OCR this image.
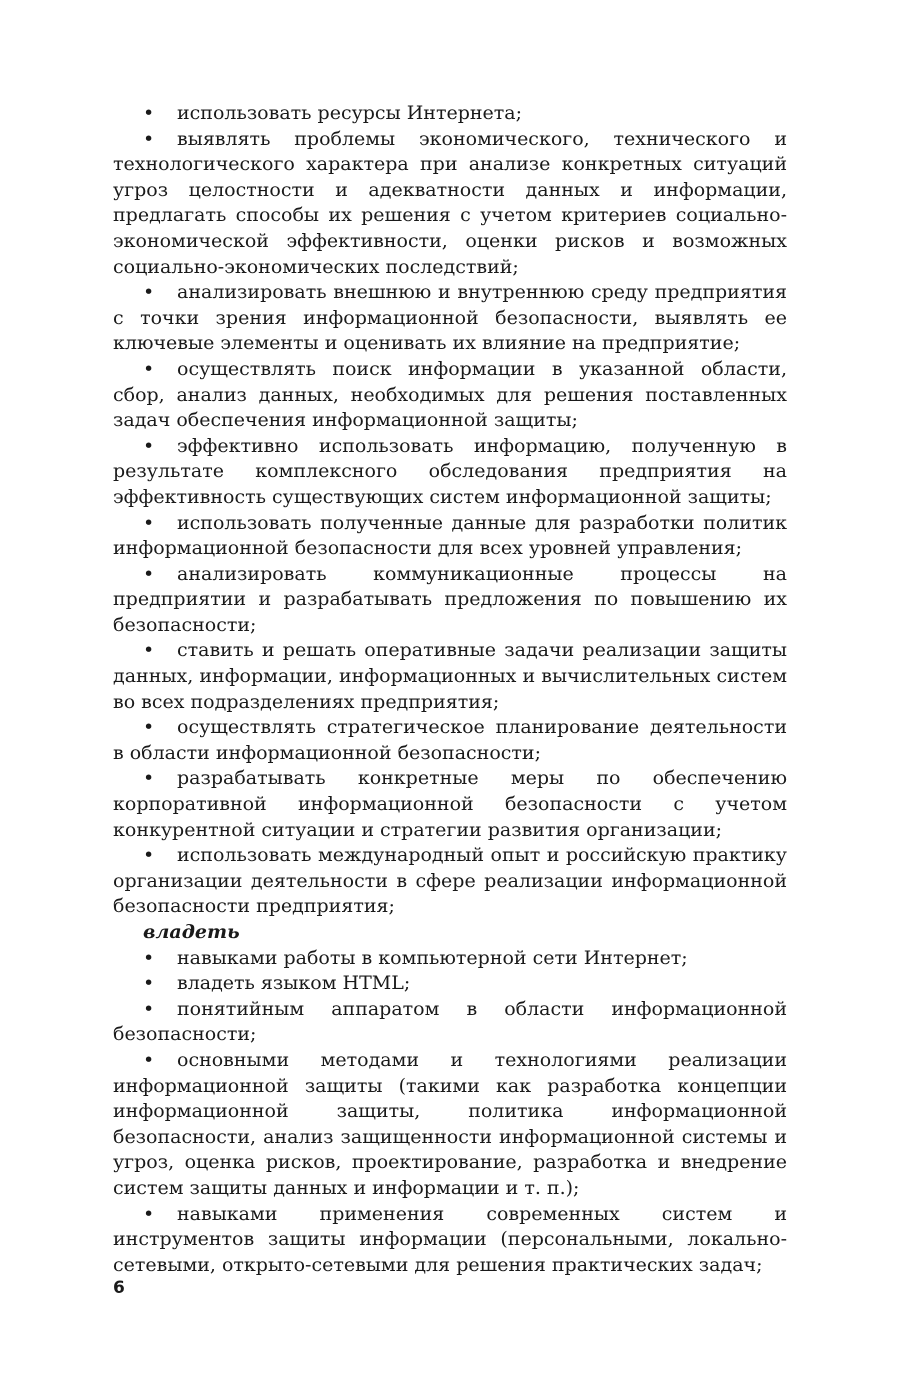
• использовать ресурсы Интернета;

• выявлять проблемы экономического, технического и технологического характера при анализе конкретных ситуаций угроз целостности и адекватности данных и информации, предлагать способы их решения с учетом критериев социально-экономической эффективности, оценки рисков и возможных социально-экономических последствий;

• анализировать внешнюю и внутреннюю среду предприятия с точки зрения информационной безопасности, выявлять ее ключевые элементы и оценивать их влияние на предприятие;

• осуществлять поиск информации в указанной области, сбор, анализ данных, необходимых для решения поставленных задач обеспечения информационной защиты;

• эффективно использовать информацию, полученную в результате комплексного обследования предприятия на эффективность существующих систем информационной защиты;

• использовать полученные данные для разработки политик информационной безопасности для всех уровней управления;

• анализировать коммуникационные процессы на предприятии и разрабатывать предложения по повышению их безопасности;

• ставить и решать оперативные задачи реализации защиты данных, информации, информационных и вычислительных систем во всех подразделениях предприятия;

• осуществлять стратегическое планирование деятельности в области информационной безопасности;

• разрабатывать конкретные меры по обеспечению корпоративной информационной безопасности с учетом конкурентной ситуации и стратегии развития организации;

• использовать международный опыт и российскую практику организации деятельности в сфере реализации информационной безопасности предприятия;

владеть

• навыками работы в компьютерной сети Интернет;

• владеть языком HTML;

• понятийным аппаратом в области информационной безопасности;

• основными методами и технологиями реализации информационной защиты (такими как разработка концепции информационной защиты, политика информационной безопасности, анализ защищенности информационной системы и угроз, оценка рисков, проектирование, разработка и внедрение систем защиты данных и информации и т. п.);

• навыками применения современных систем и инструментов защиты информации (персональными, локально-сетевыми, открыто-сетевыми для решения практических задач;

6
